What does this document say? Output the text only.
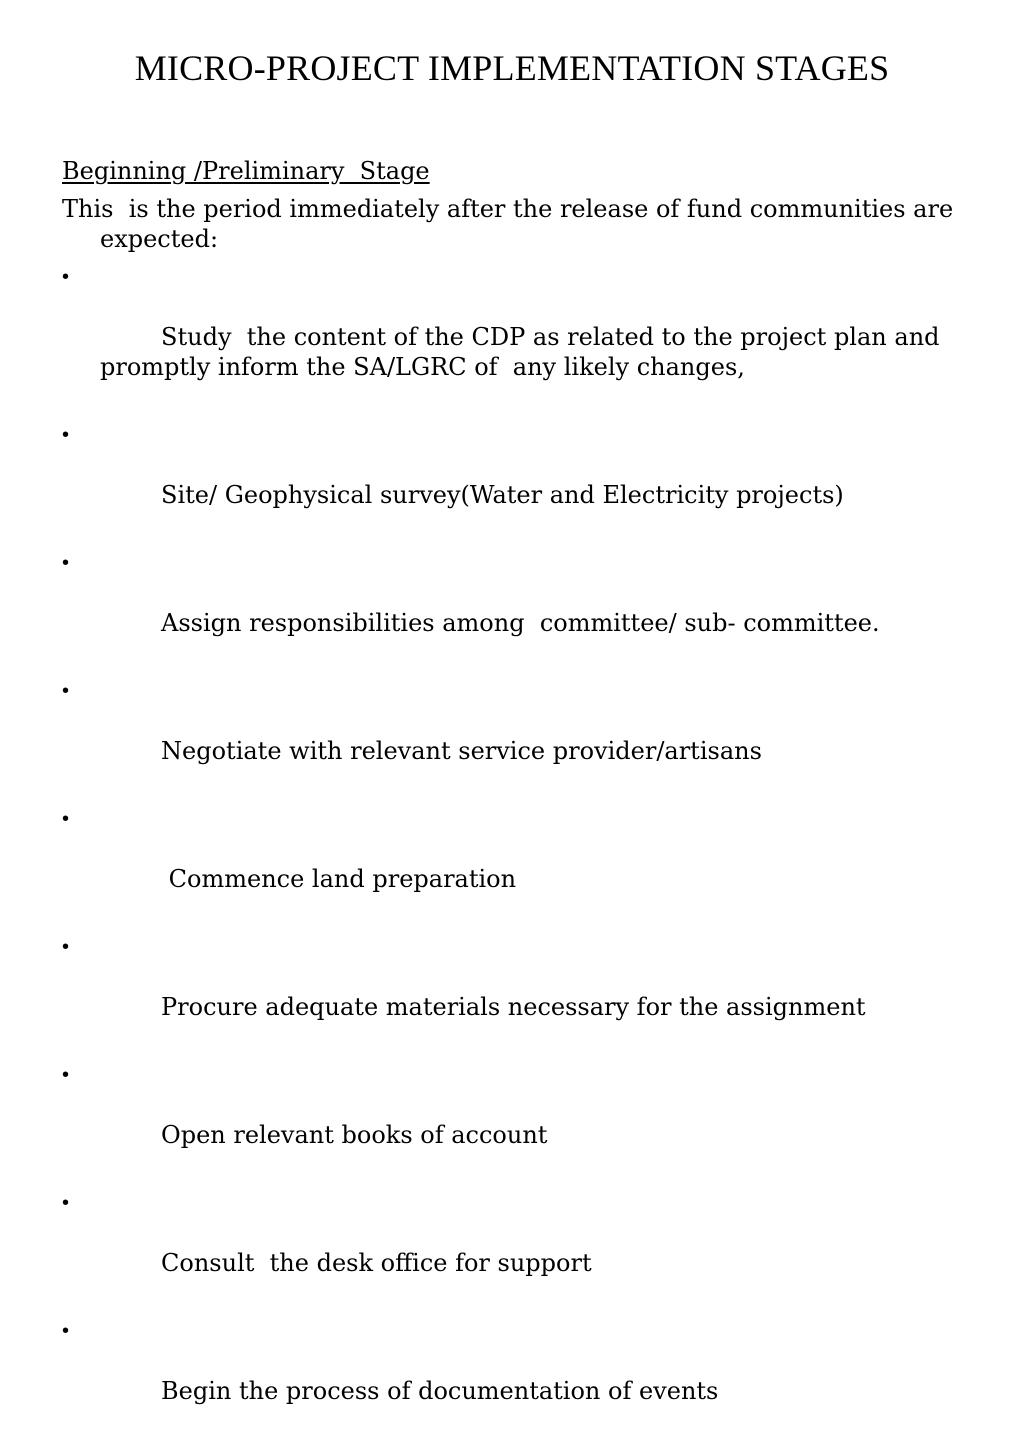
MICRO-PROJECT IMPLEMENTATION STAGES
Beginning /Preliminary  Stage
This  is the period immediately after the release of fund communities are expected:

•

Study  the content of the CDP as related to the project plan and promptly inform the SA/LGRC of  any likely changes,

•

Site/ Geophysical survey(Water and Electricity projects)

•

Assign responsibilities among  committee/ sub- committee.

•

Negotiate with relevant service provider/artisans

•

Commence land preparation

•

Procure adequate materials necessary for the assignment

•

Open relevant books of account

•

Consult  the desk office for support

•

Begin the process of documentation of events
